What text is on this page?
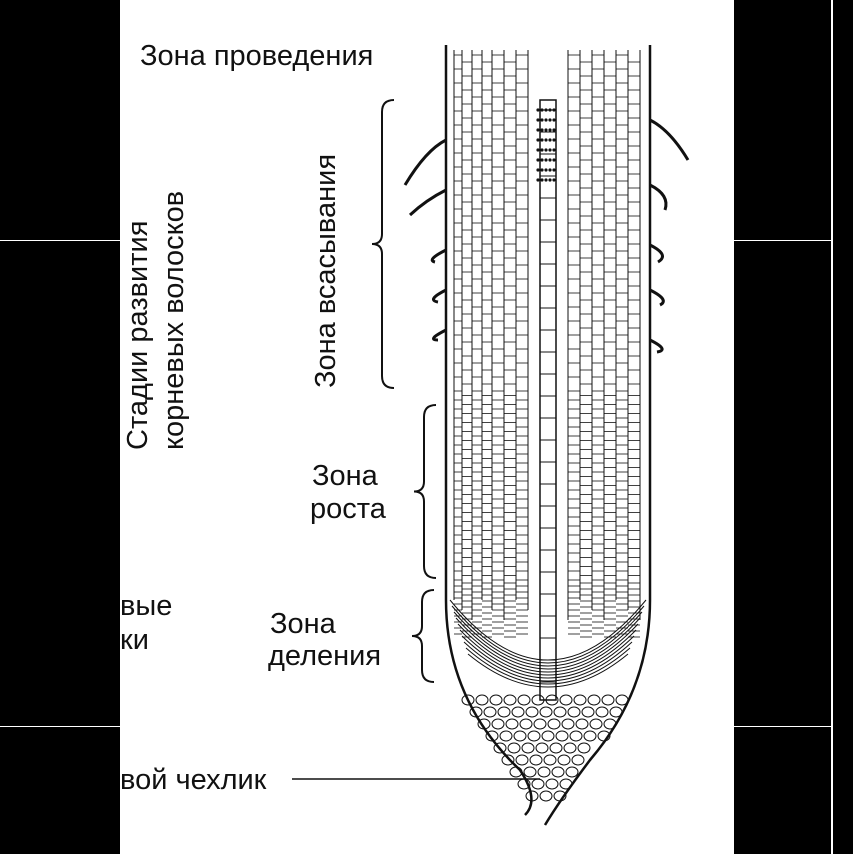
Зона проведения
Зона всасывания
Стадии развития корневых волосков
Зона
роста
Зона
деления
вые
ки
вой чехлик
